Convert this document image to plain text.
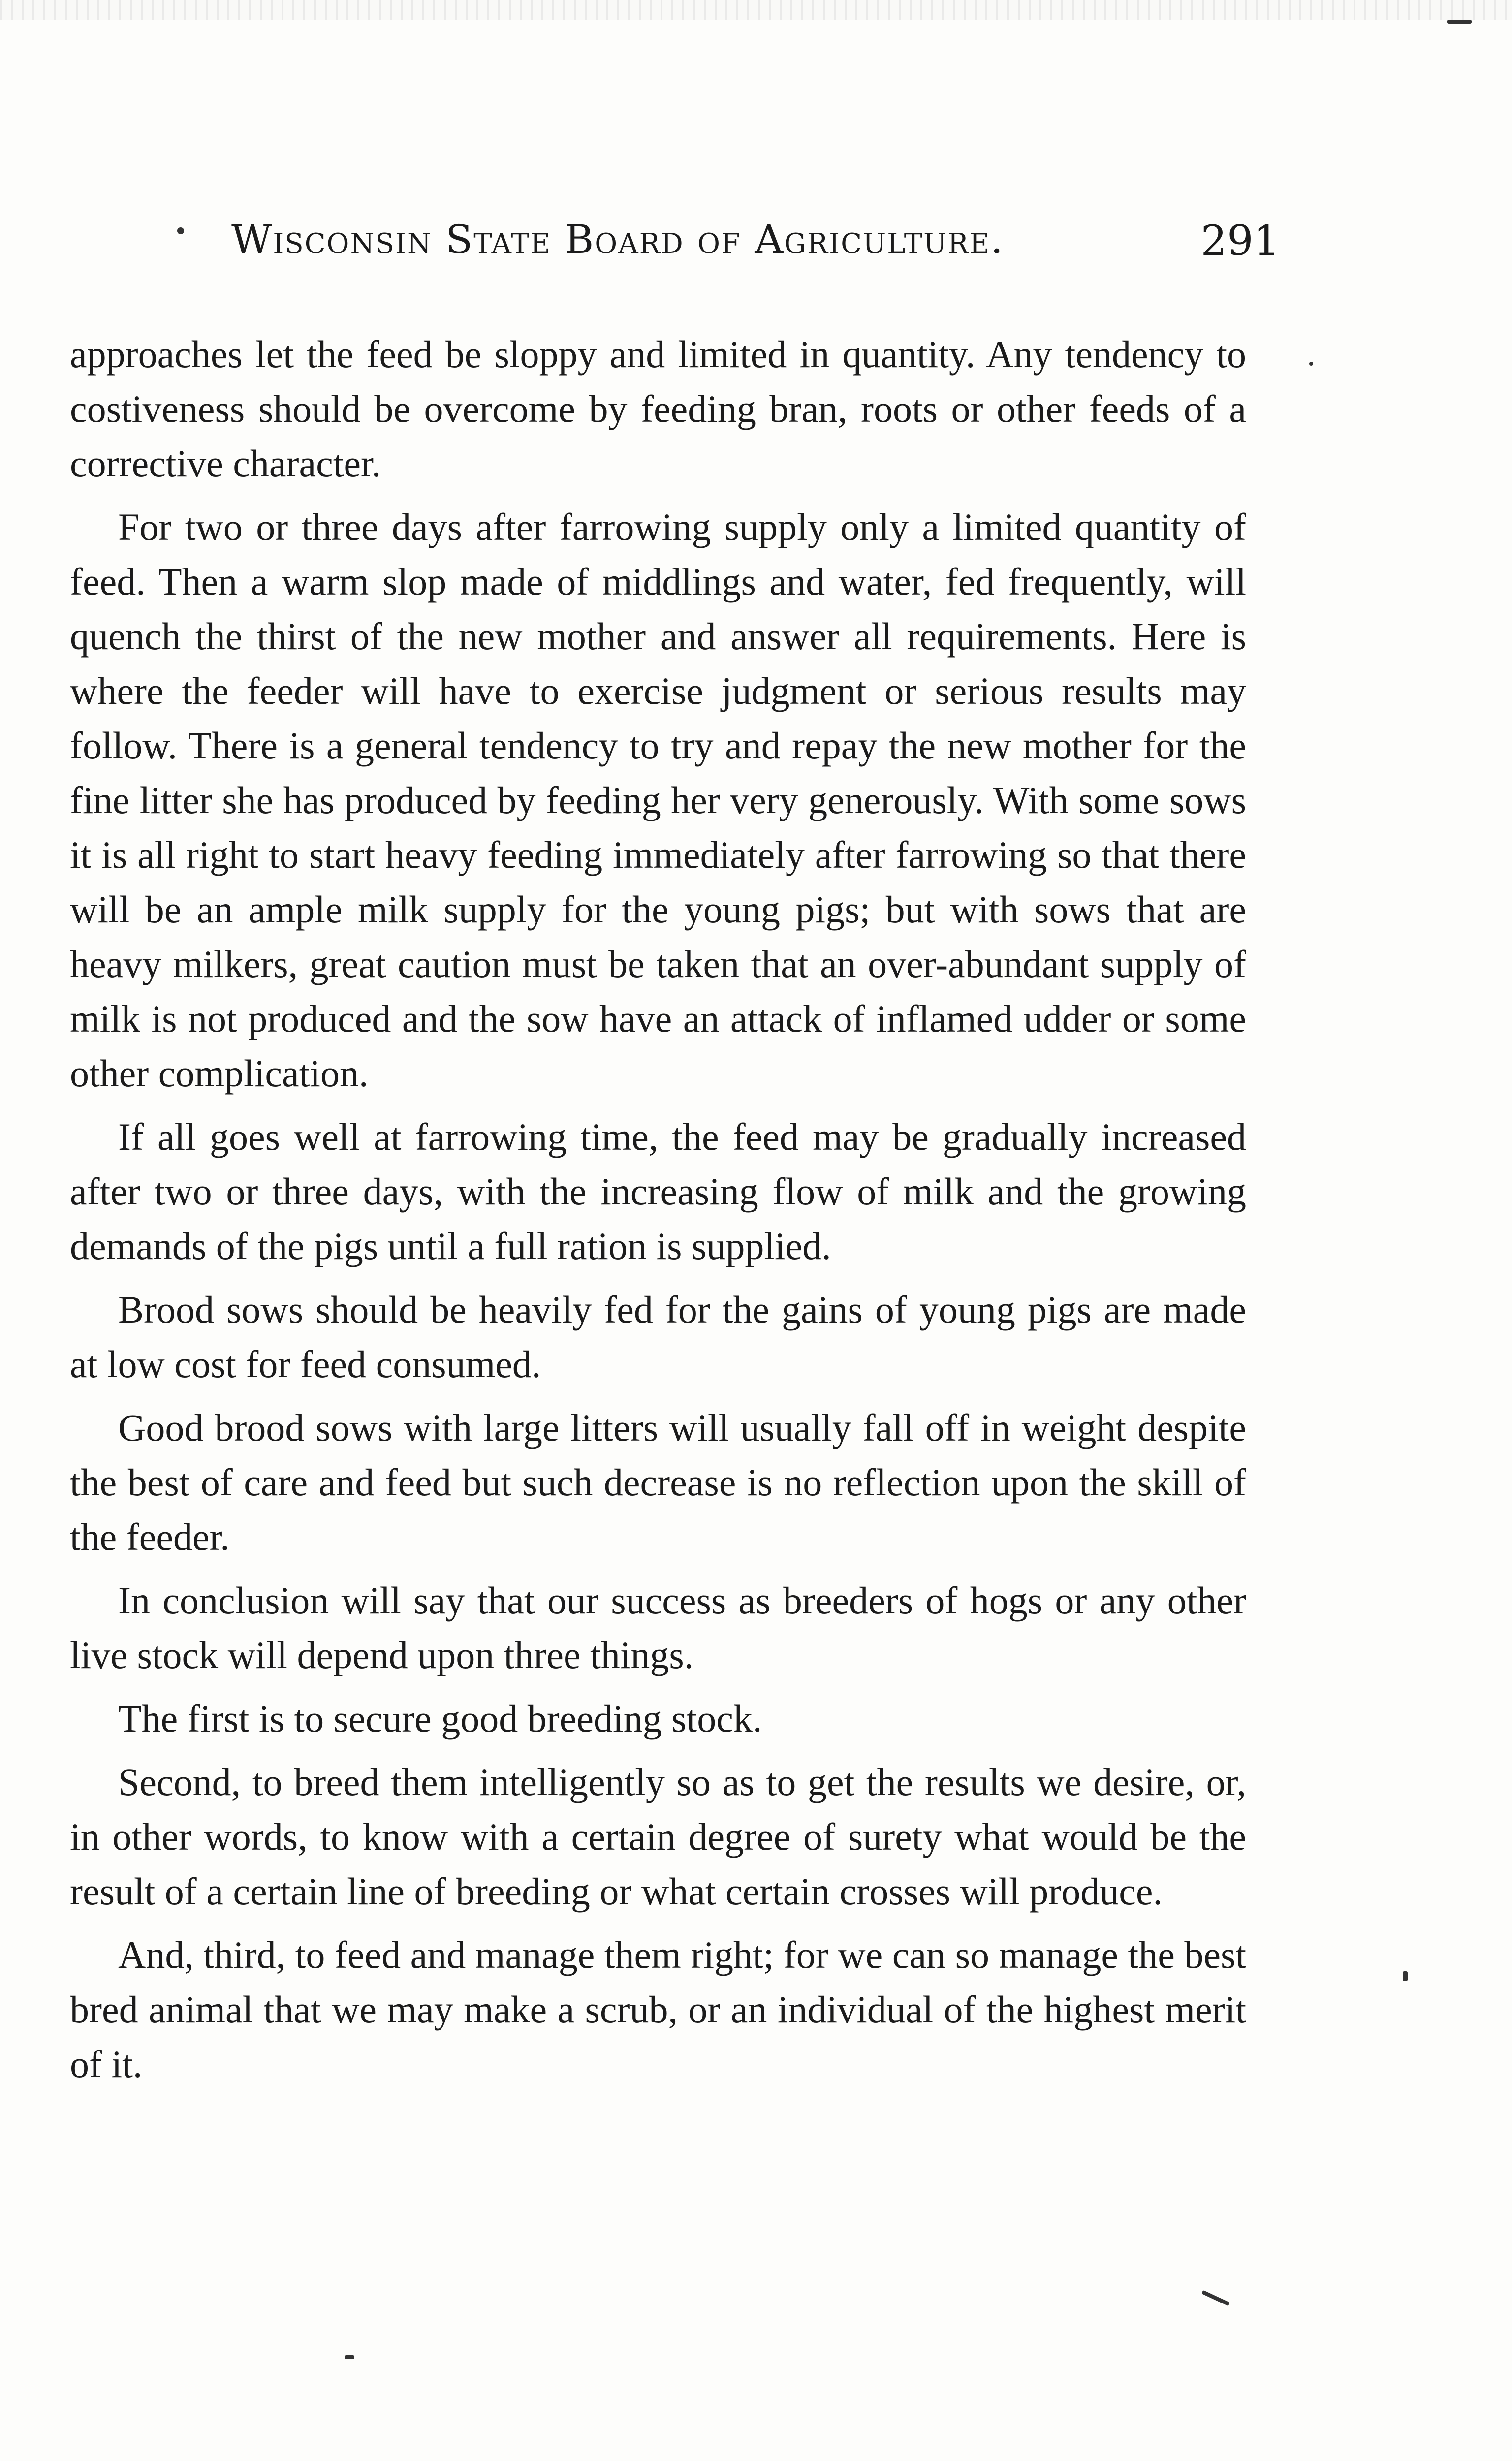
Wisconsin State Board of Agriculture.	291

approaches let the feed be sloppy and limited in quantity. Any tendency to costiveness should be overcome by feeding bran, roots or other feeds of a corrective character.

For two or three days after farrowing supply only a limited quantity of feed. Then a warm slop made of middlings and water, fed frequently, will quench the thirst of the new mother and answer all requirements. Here is where the feeder will have to exercise judgment or serious results may follow. There is a general tendency to try and repay the new mother for the fine litter she has produced by feeding her very generously. With some sows it is all right to start heavy feeding immediately after farrowing so that there will be an ample milk supply for the young pigs; but with sows that are heavy milkers, great caution must be taken that an over-abundant supply of milk is not produced and the sow have an attack of inflamed udder or some other complication.

If all goes well at farrowing time, the feed may be gradually increased after two or three days, with the increasing flow of milk and the growing demands of the pigs until a full ration is supplied.

Brood sows should be heavily fed for the gains of young pigs are made at low cost for feed consumed.

Good brood sows with large litters will usually fall off in weight despite the best of care and feed but such decrease is no reflection upon the skill of the feeder.

In conclusion will say that our success as breeders of hogs or any other live stock will depend upon three things.

The first is to secure good breeding stock.

Second, to breed them intelligently so as to get the results we desire, or, in other words, to know with a certain degree of surety what would be the result of a certain line of breeding or what certain crosses will produce.

And, third, to feed and manage them right; for we can so manage the best bred animal that we may make a scrub, or an individual of the highest merit of it.
